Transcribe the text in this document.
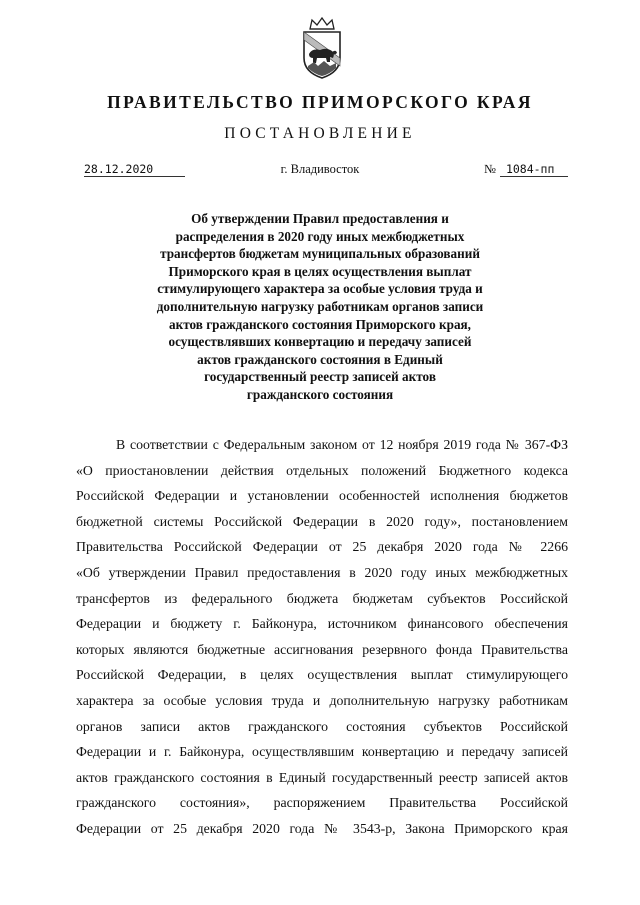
ПРАВИТЕЛЬСТВО ПРИМОРСКОГО КРАЯ
ПОСТАНОВЛЕНИЕ
28.12.2020	г. Владивосток	№ 1084-пп
Об утверждении Правил предоставления и
распределения в 2020 году иных межбюджетных
трансфертов бюджетам муниципальных образований
Приморского края в целях осуществления выплат
стимулирующего характера за особые условия труда и
дополнительную нагрузку работникам органов записи
актов гражданского состояния Приморского края,
осуществлявших конвертацию и передачу записей
актов гражданского состояния в Единый
государственный реестр записей актов
гражданского состояния
В соответствии с Федеральным законом от 12 ноября 2019 года № 367-ФЗ
«О приостановлении действия отдельных положений Бюджетного кодекса
Российской Федерации и установлении особенностей исполнения бюджетов
бюджетной системы Российской Федерации в 2020 году», постановлением
Правительства Российской Федерации от 25 декабря 2020 года № 2266
«Об утверждении Правил предоставления в 2020 году иных межбюджетных
трансфертов из федерального бюджета бюджетам субъектов Российской
Федерации и бюджету г. Байконура, источником финансового обеспечения
которых являются бюджетные ассигнования резервного фонда Правительства
Российской Федерации, в целях осуществления выплат стимулирующего
характера за особые условия труда и дополнительную нагрузку работникам
органов записи актов гражданского состояния субъектов Российской
Федерации и г. Байконура, осуществлявшим конвертацию и передачу записей
актов гражданского состояния в Единый государственный реестр записей актов
гражданского состояния», распоряжением Правительства Российской
Федерации от 25 декабря 2020 года № 3543-р, Закона Приморского края
